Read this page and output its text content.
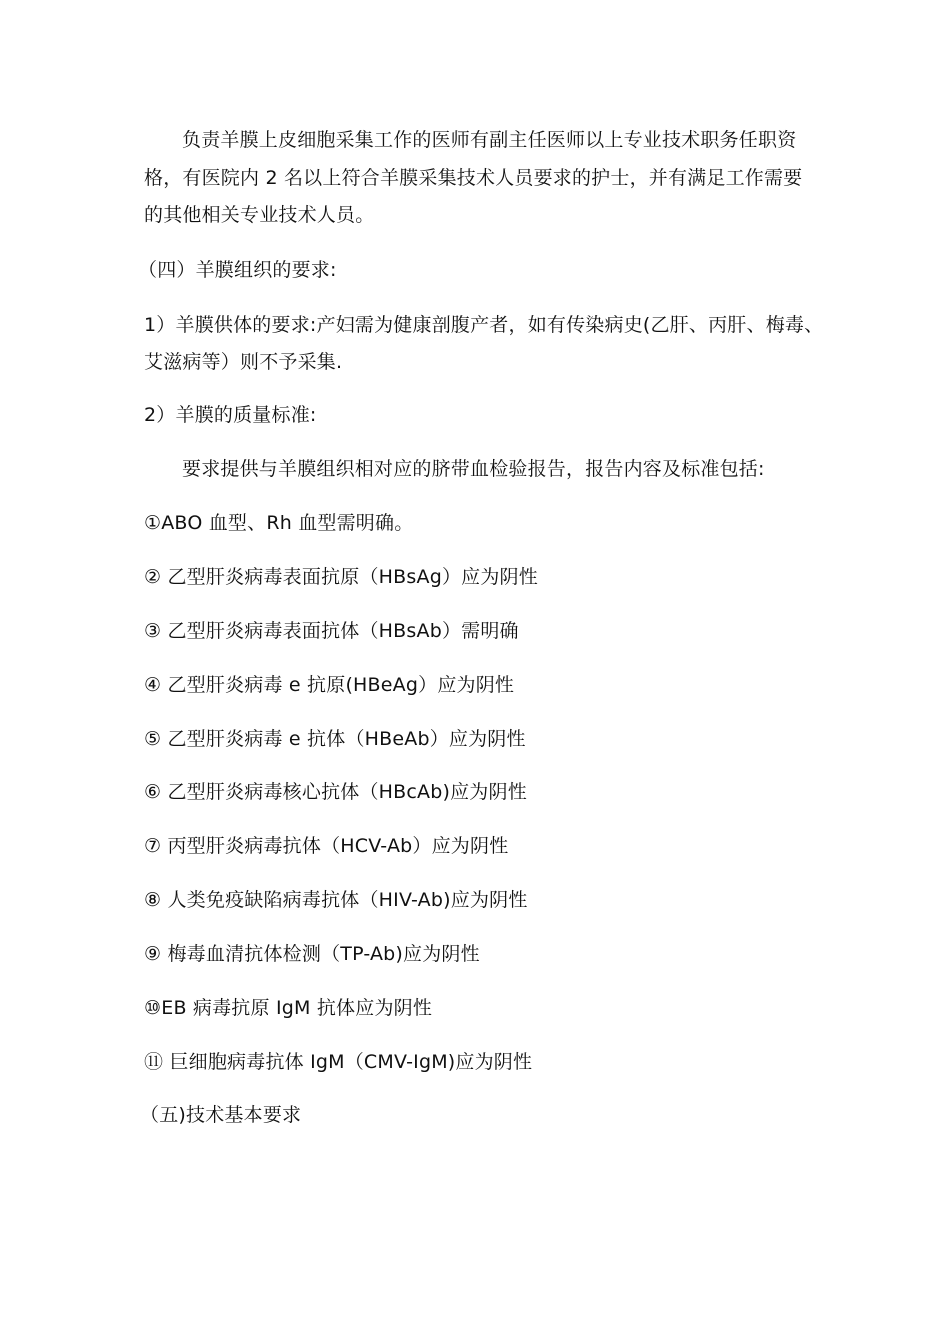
负责羊膜上皮细胞采集工作的医师有副主任医师以上专业技术职务任职资
格，有医院内 2 名以上符合羊膜采集技术人员要求的护士，并有满足工作需要
的其他相关专业技术人员。
（四）羊膜组织的要求:
1）羊膜供体的要求:产妇需为健康剖腹产者，如有传染病史(乙肝、丙肝、梅毒、
艾滋病等）则不予采集.
2）羊膜的质量标准:
要求提供与羊膜组织相对应的脐带血检验报告，报告内容及标准包括:
①ABO 血型、Rh 血型需明确。
② 乙型肝炎病毒表面抗原（HBsAg）应为阴性
③ 乙型肝炎病毒表面抗体（HBsAb）需明确
④ 乙型肝炎病毒 e 抗原(HBeAg）应为阴性
⑤ 乙型肝炎病毒 e 抗体（HBeAb）应为阴性
⑥ 乙型肝炎病毒核心抗体（HBcAb)应为阴性
⑦ 丙型肝炎病毒抗体（HCV-Ab）应为阴性
⑧ 人类免疫缺陷病毒抗体（HIV-Ab)应为阴性
⑨ 梅毒血清抗体检测（TP-Ab)应为阴性
⑩EB 病毒抗原 IgM 抗体应为阴性
⑪ 巨细胞病毒抗体 IgM（CMV-IgM)应为阴性
（五)技术基本要求
